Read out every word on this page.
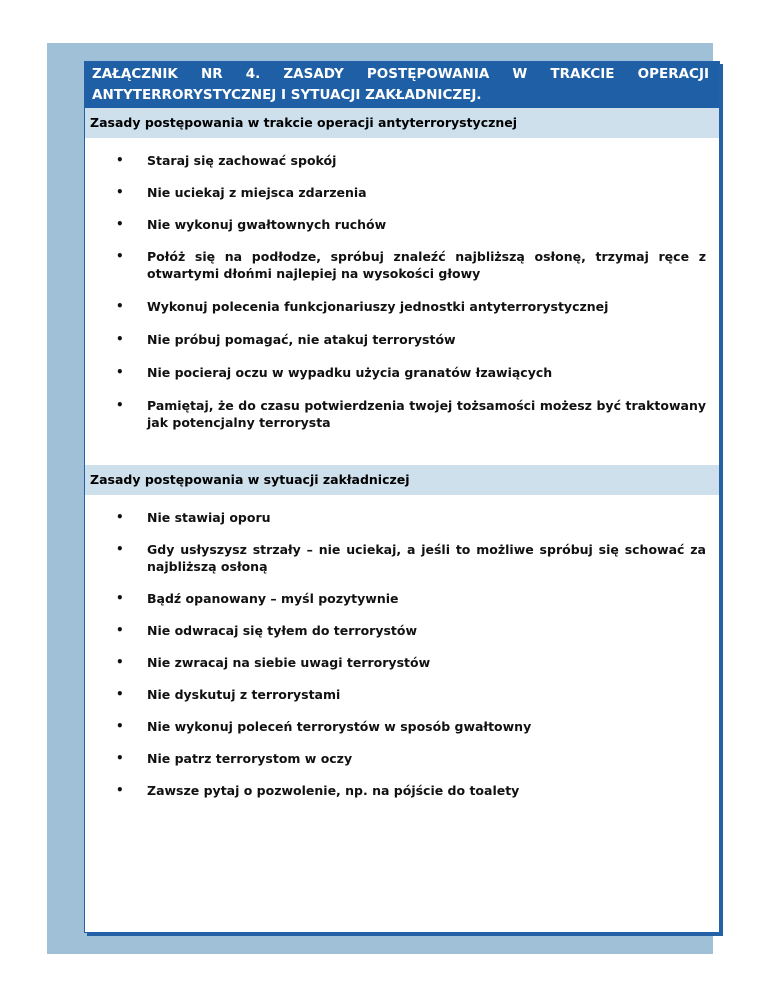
ZAŁĄCZNIK NR 4. ZASADY POSTĘPOWANIA W TRAKCIE OPERACJI
ANTYTERRORYSTYCZNEJ I SYTUACJI ZAKŁADNICZEJ.
Zasady postępowania w trakcie operacji antyterrorystycznej
• Staraj się zachować spokój
• Nie uciekaj z miejsca zdarzenia
• Nie wykonuj gwałtownych ruchów
• Połóż się na podłodze, spróbuj znaleźć najbliższą osłonę, trzymaj ręce z otwartymi dłońmi najlepiej na wysokości głowy
• Wykonuj polecenia funkcjonariuszy jednostki antyterrorystycznej
• Nie próbuj pomagać, nie atakuj terrorystów
• Nie pocieraj oczu w wypadku użycia granatów łzawiących
• Pamiętaj, że do czasu potwierdzenia twojej tożsamości możesz być traktowany jak potencjalny terrorysta
Zasady postępowania w sytuacji zakładniczej
• Nie stawiaj oporu
• Gdy usłyszysz strzały – nie uciekaj, a jeśli to możliwe spróbuj się schować za najbliższą osłoną
• Bądź opanowany – myśl pozytywnie
• Nie odwracaj się tyłem do terrorystów
• Nie zwracaj na siebie uwagi terrorystów
• Nie dyskutuj z terrorystami
• Nie wykonuj poleceń terrorystów w sposób gwałtowny
• Nie patrz terrorystom w oczy
• Zawsze pytaj o pozwolenie, np. na pójście do toalety
